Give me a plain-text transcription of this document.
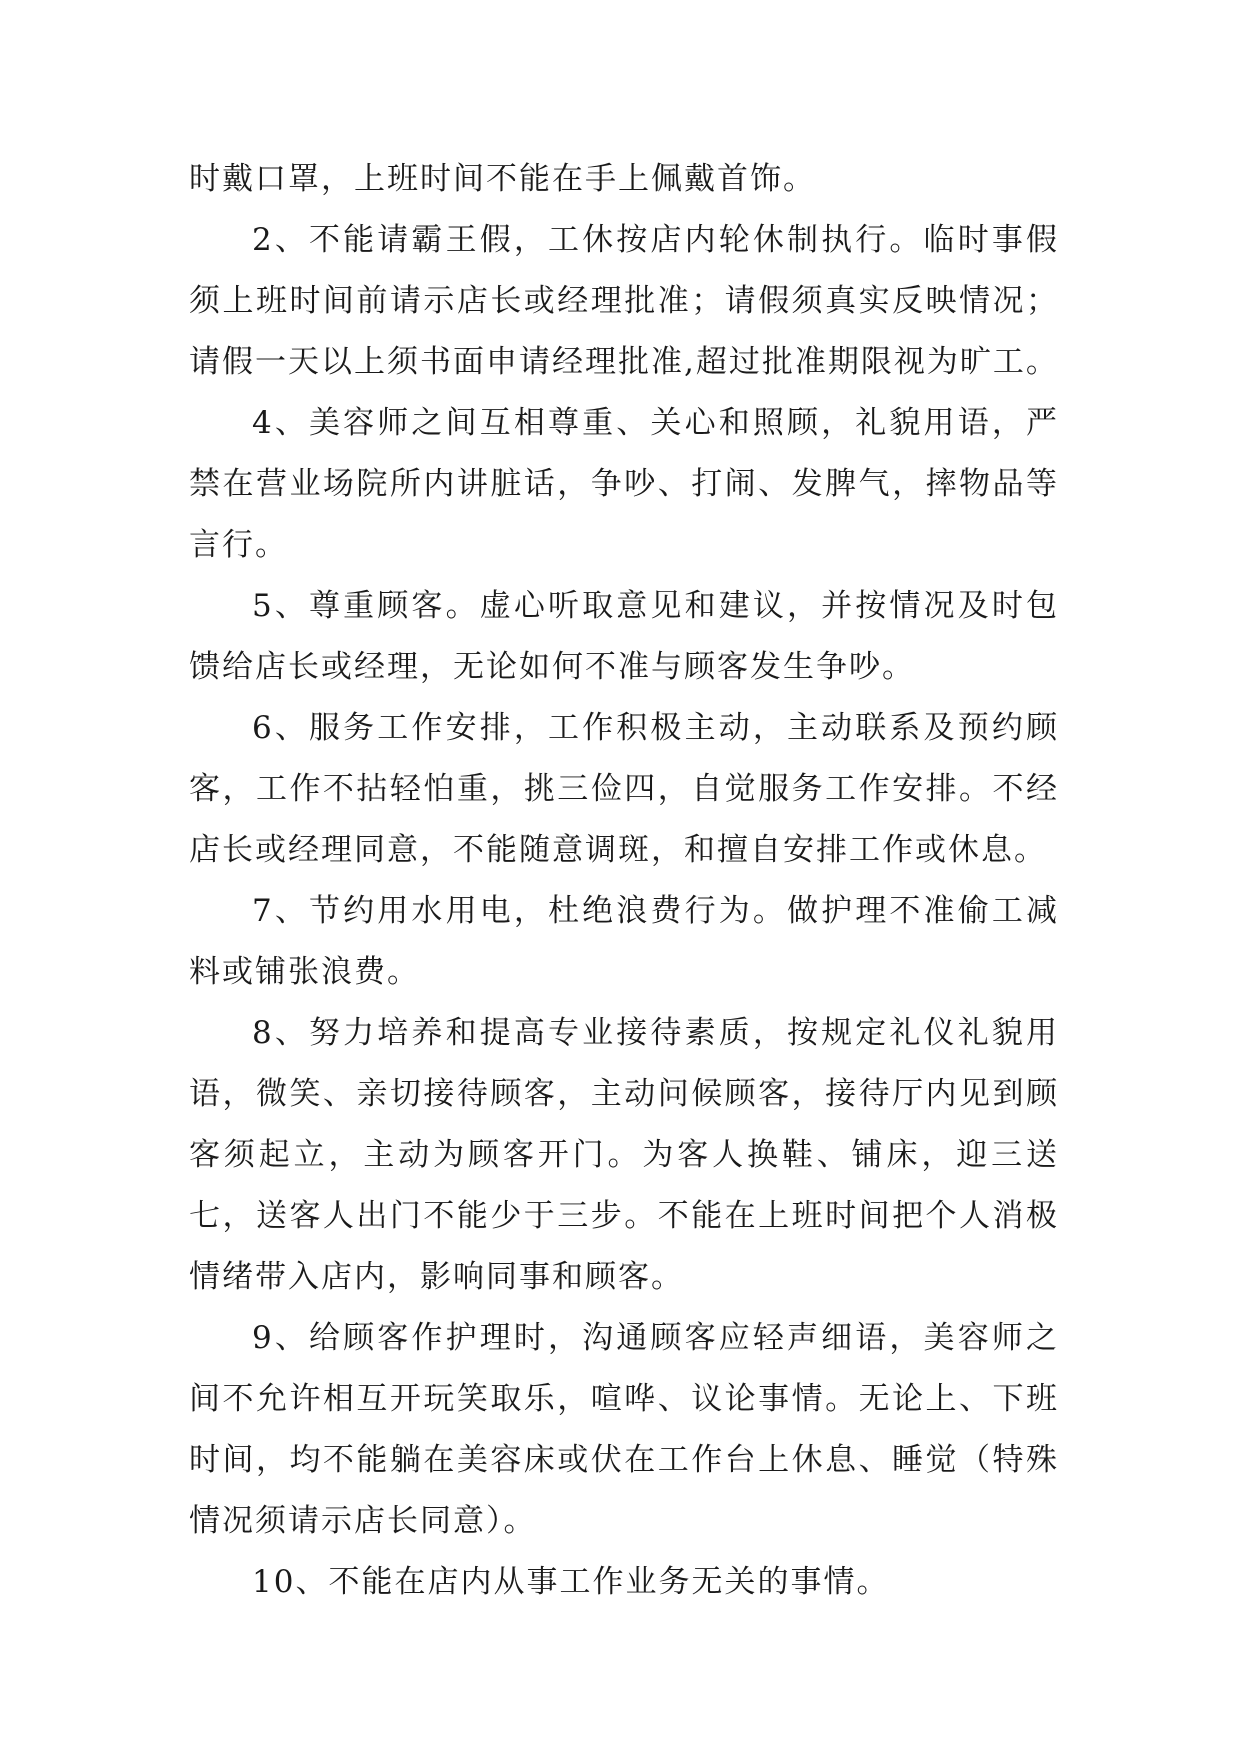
时戴口罩，上班时间不能在手上佩戴首饰。

2、不能请霸王假，工休按店内轮休制执行。临时事假须上班时间前请示店长或经理批准；请假须真实反映情况；请假一天以上须书面申请经理批准,超过批准期限视为旷工。

4、美容师之间互相尊重、关心和照顾，礼貌用语，严禁在营业场院所内讲脏话，争吵、打闹、发脾气，摔物品等言行。

5、尊重顾客。虚心听取意见和建议，并按情况及时包馈给店长或经理，无论如何不准与顾客发生争吵。

6、服务工作安排，工作积极主动，主动联系及预约顾客，工作不拈轻怕重，挑三俭四，自觉服务工作安排。不经店长或经理同意，不能随意调斑，和擅自安排工作或休息。

7、节约用水用电，杜绝浪费行为。做护理不准偷工减料或铺张浪费。

8、努力培养和提高专业接待素质，按规定礼仪礼貌用语，微笑、亲切接待顾客，主动问候顾客，接待厅内见到顾客须起立，主动为顾客开门。为客人换鞋、铺床，迎三送七，送客人出门不能少于三步。不能在上班时间把个人消极情绪带入店内，影响同事和顾客。

9、给顾客作护理时，沟通顾客应轻声细语，美容师之间不允许相互开玩笑取乐，喧哗、议论事情。无论上、下班时间，均不能躺在美容床或伏在工作台上休息、睡觉（特殊情况须请示店长同意）。

10、不能在店内从事工作业务无关的事情。
